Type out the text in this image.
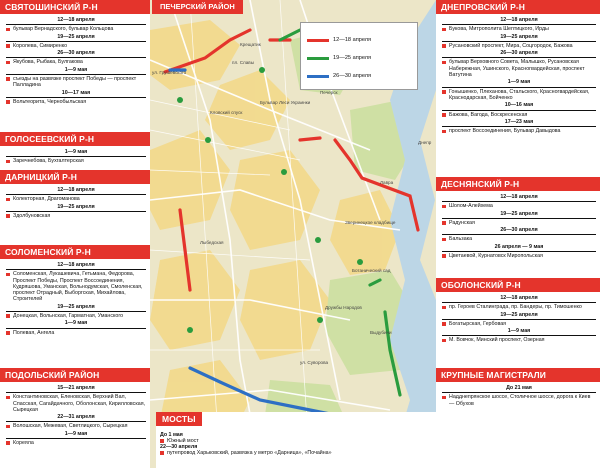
СВЯТОШИНСКИЙ Р-Н
12—18 апреля
бульвар Вернадского, бульвар Кольцова
19—25 апреля
Королева, Симиренко
26—30 апреля
Якубова, Рыбака, Булгакова
1—9 мая
съезды на развязке проспект Победы — проспект Палладина
10—17 мая
Вольтеорита, Чернобыльская
ГОЛОСЕЕВСКИЙ Р-Н
1—9 мая
Заречнебова, Бухгалтерская
ДАРНИЦКИЙ Р-Н
12—18 апреля
Колекторная, Драгоманова
19—25 апреля
Здолбуновская
СОЛОМЕНСКИЙ Р-Н
12—18 апреля
Соломенская, Лукашевича, Гетьмана, Федорова, Проспект Победы, Проспект Воссоединения, Кудряшова, Уманская, Вольнодумская, Смоленская, проспект Отрадный, Выборгская, Михайлова, Строителей
19—25 апреля
Донецкая, Вольнская, Гарматная, Уманского
1—9 мая
Полевая, Ангела
ПОДОЛЬСКИЙ РАЙОН
15—21 апреля
Константиновская, Еленовская, Верхний Вал, Спасская, Сагайдачного, Оболонская, Кирилловская, Сырецкая
22—31 апреля
Волошская, Межевая, Светлицкого, Сырецкая
1—9 мая
Кореяла
ул. Грушевского
Крещатик
Кловский спуск
Бульвар Леси Украинки
Печерск
Лавра
Ботанический сад
Дружбы Народов
Выдубичи
Зверинецкое кладбище
ул. Суворова
пл. Славы
Днепр
Лыбедская
ПЕЧЕРСКИЙ РАЙОН
12—18 апреля
19—25 апреля
26—30 апреля
МОСТЫ
До 1 мая
Южный мост
22—30 апреля
путепровод Харьковский, развязка у метро «Дарница», «Почайна»
ДНЕПРОВСКИЙ Р-Н
12—18 апреля
Букова, Митрополита Шептицкого, Ирды
19—25 апреля
Русановский проспект, Мира, Соцгородок, Бажова
26—30 апреля
бульвар Верховного Совета, Малышко, Русановская Набережная, Ушинского, Красногвардейская, проспект Ватутина
1—9 мая
Гонышенко, Плеханова, Стальского, Красногвардейская, Краснодарская, Бойченко
10—16 мая
Бажова, Вагода, Воскресенская
17—23 мая
проспект Воссоединения, Бульвар Давыдова
ДЕСНЯНСКИЙ Р-Н
12—18 апреля
Шолом-Алейхема
19—25 апреля
Радунская
26—30 апреля
Бальзака
26 апреля — 9 мая
Цветаевой, Курнатовск Миропольская
ОБОЛОНСКИЙ Р-Н
12—18 апреля
пр. Героев Сталинграда, пр. Бандеры, пр. Тимошенко
19—25 апреля
Богатырская, Гербовая
1—9 мая
М. Вовчок, Минский проспект, Озерная
КРУПНЫЕ МАГИСТРАЛИ
До 21 мая
Надднепрянское шоссе, Столичное шоссе, дорога к Киев — Обухов
